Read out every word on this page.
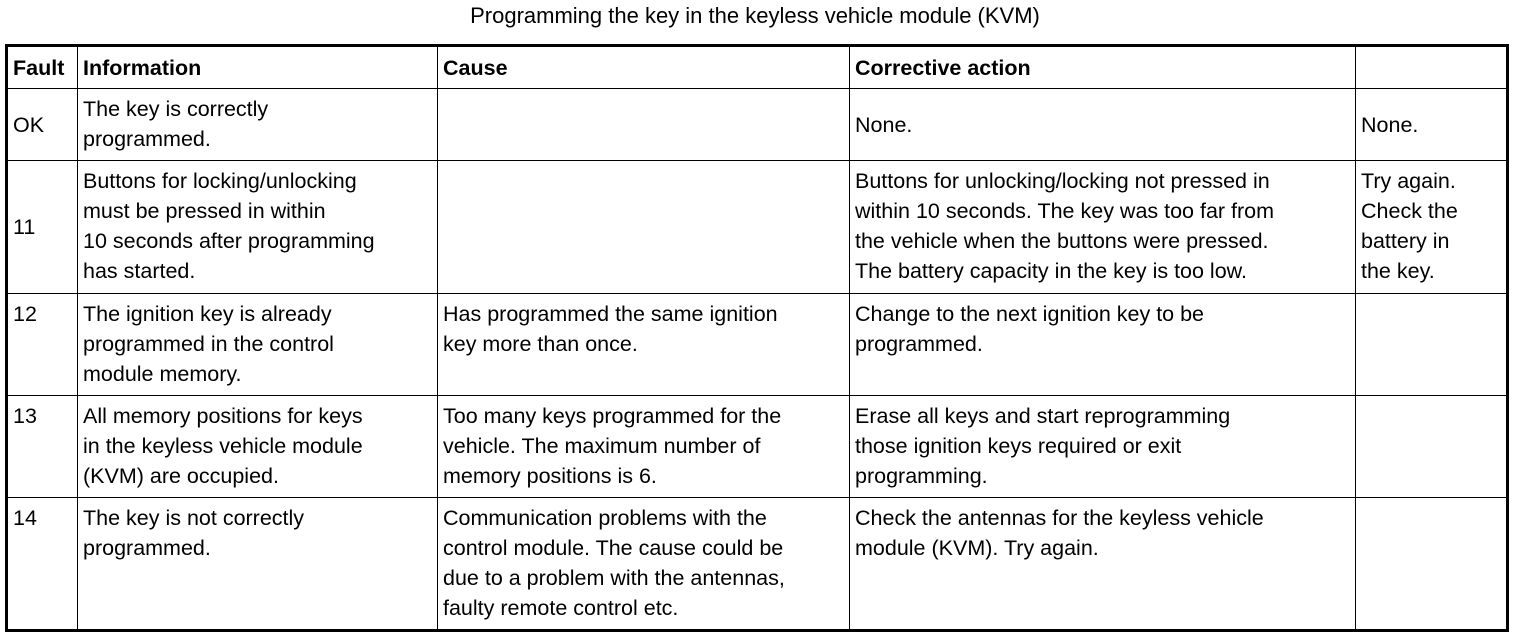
Programming the key in the keyless vehicle module (KVM)
Fault	Information	Cause	Corrective action	
OK	The key is correctly
programmed.		None.	None.
11	Buttons for locking/unlocking
must be pressed in within
10 seconds after programming
has started.		Buttons for unlocking/locking not pressed in
within 10 seconds. The key was too far from
the vehicle when the buttons were pressed.
The battery capacity in the key is too low.	Try again.
Check the
battery in
the key.
12	The ignition key is already
programmed in the control
module memory.	Has programmed the same ignition
key more than once.	Change to the next ignition key to be
programmed.	
13	All memory positions for keys
in the keyless vehicle module
(KVM) are occupied.	Too many keys programmed for the
vehicle. The maximum number of
memory positions is 6.	Erase all keys and start reprogramming
those ignition keys required or exit
programming.	
14	The key is not correctly
programmed.	Communication problems with the
control module. The cause could be
due to a problem with the antennas,
faulty remote control etc.	Check the antennas for the keyless vehicle
module (KVM). Try again.	
